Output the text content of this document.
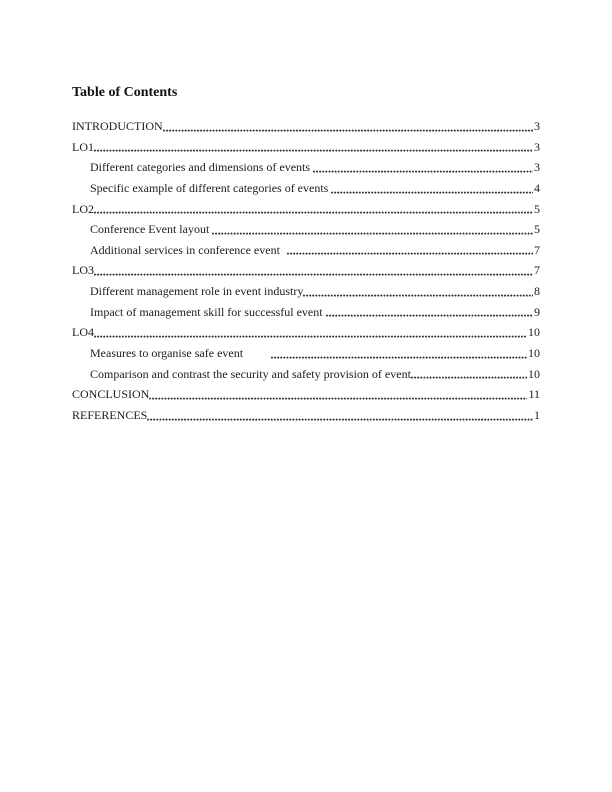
Table of Contents
INTRODUCTION	3
LO1	3
Different categories and dimensions of events	3
Specific example of different categories of events	4
LO2	5
Conference Event layout	5
Additional services in conference event	7
LO3	7
Different management role in event industry	8
Impact of management skill for successful event	9
LO4	10
Measures to organise safe event	10
Comparison and contrast the security and safety provision of event	10
CONCLUSION	11
REFERENCES	1
